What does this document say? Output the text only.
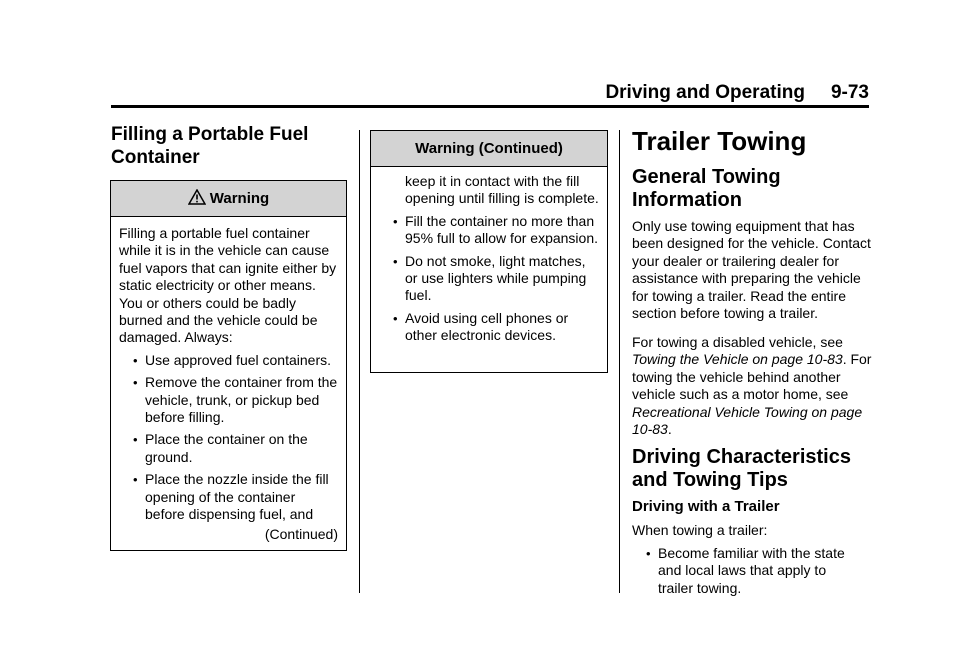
Driving and Operating 9-73
Filling a Portable Fuel Container
Warning

Filling a portable fuel container while it is in the vehicle can cause fuel vapors that can ignite either by static electricity or other means. You or others could be badly burned and the vehicle could be damaged. Always:

• Use approved fuel containers.
• Remove the container from the vehicle, trunk, or pickup bed before filling.
• Place the container on the ground.
• Place the nozzle inside the fill opening of the container before dispensing fuel, and

(Continued)

Warning (Continued)

keep it in contact with the fill opening until filling is complete.

• Fill the container no more than 95% full to allow for expansion.
• Do not smoke, light matches, or use lighters while pumping fuel.
• Avoid using cell phones or other electronic devices.
Trailer Towing
General Towing Information

Only use towing equipment that has been designed for the vehicle. Contact your dealer or trailering dealer for assistance with preparing the vehicle for towing a trailer. Read the entire section before towing a trailer.

For towing a disabled vehicle, see Towing the Vehicle on page 10-83. For towing the vehicle behind another vehicle such as a motor home, see Recreational Vehicle Towing on page 10-83.

Driving Characteristics and Towing Tips
Driving with a Trailer

When towing a trailer:

• Become familiar with the state and local laws that apply to trailer towing.
